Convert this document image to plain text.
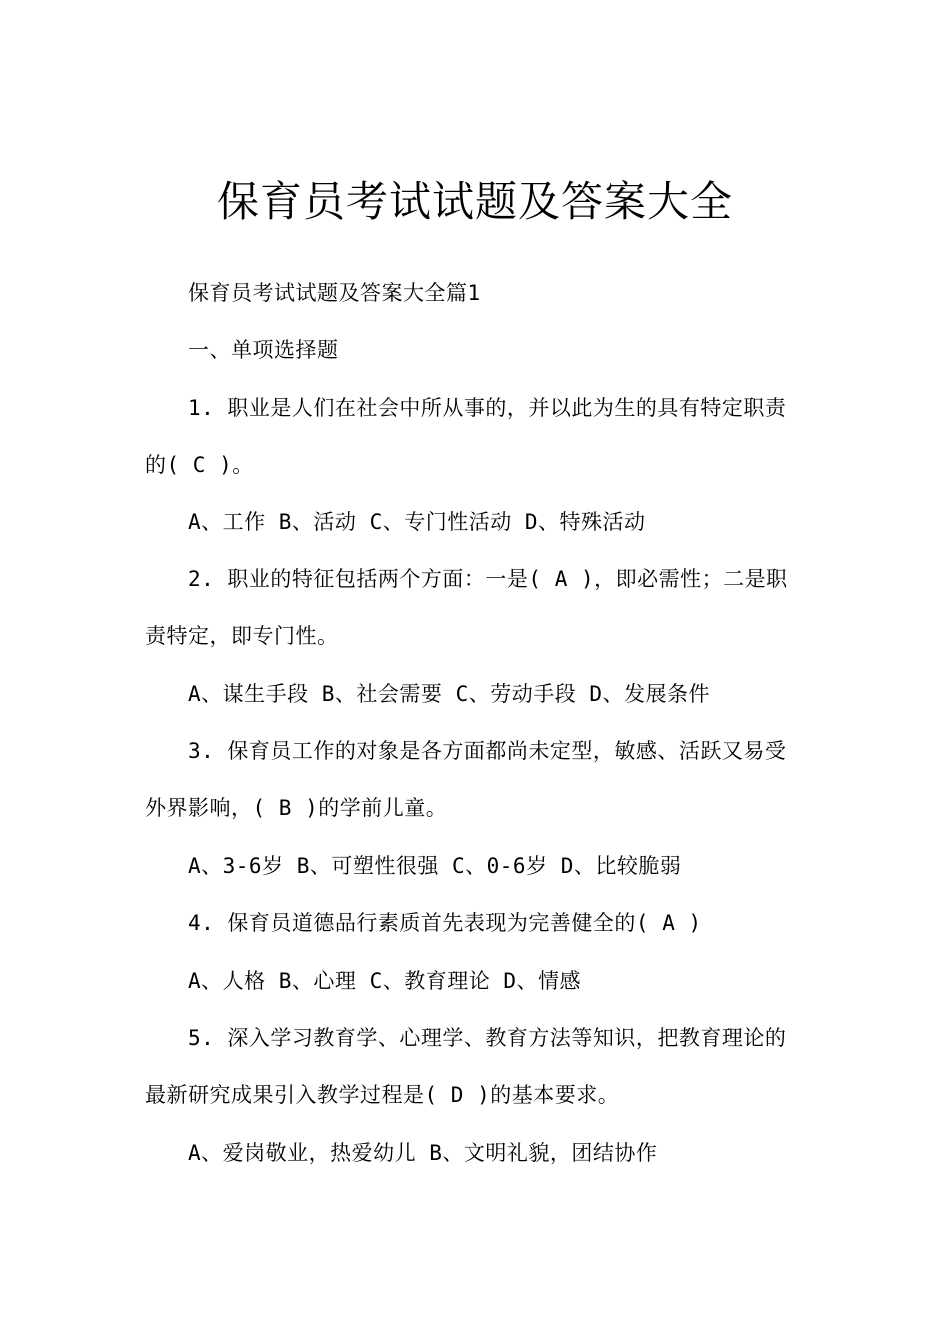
保育员考试试题及答案大全
保育员考试试题及答案大全篇1
一、单项选择题
1. 职业是人们在社会中所从事的，并以此为生的具有特定职责
的( C )。
A、工作 B、活动 C、专门性活动 D、特殊活动
2. 职业的特征包括两个方面：一是( A )，即必需性；二是职
责特定，即专门性。
A、谋生手段 B、社会需要 C、劳动手段 D、发展条件
3. 保育员工作的对象是各方面都尚未定型，敏感、活跃又易受
外界影响，( B )的学前儿童。
A、3-6岁 B、可塑性很强 C、0-6岁 D、比较脆弱
4. 保育员道德品行素质首先表现为完善健全的( A )
A、人格 B、心理 C、教育理论 D、情感
5. 深入学习教育学、心理学、教育方法等知识，把教育理论的
最新研究成果引入教学过程是( D )的基本要求。
A、爱岗敬业，热爱幼儿 B、文明礼貌，团结协作
